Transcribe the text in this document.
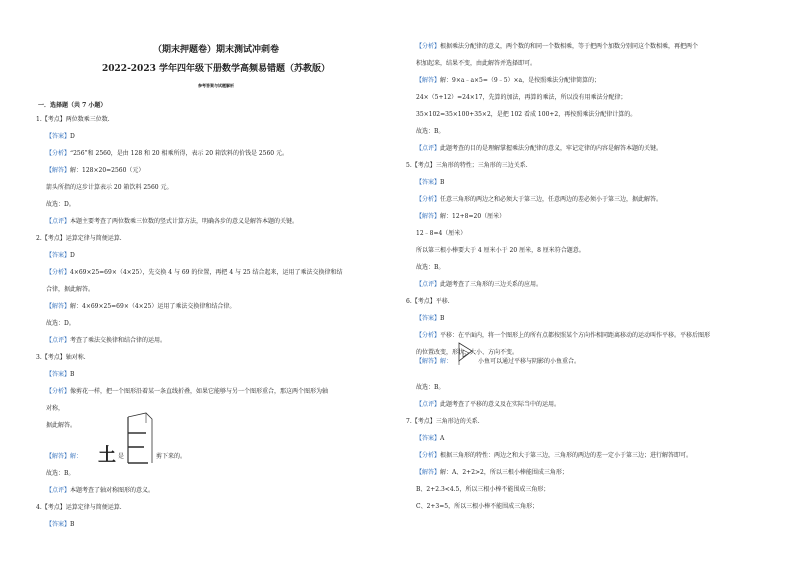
（期末押题卷）期末测试冲刺卷
2022-2023 学年四年级下册数学高频易错题（苏教版）
参考答案与试题解析
一．选择题（共 7 小题）
1.【考点】两位数乘三位数.
【答案】D
【分析】“256”和 2560，是由 128 和 20 相乘所得，表示 20 箱饮料的价钱是 2560 元。
【解答】解：128×20=2560（元）
箭头所指的这步计算表示 20 箱饮料 2560 元。
故选：D。
【点评】本题主要考查了两位数乘三位数的竖式计算方法，明确各步的意义是解答本题的关键。
2.【考点】运算定律与简便运算.
【答案】D
【分析】4×69×25=69×（4×25），先交换 4 与 69 的位置，再把 4 与 25 结合起来，运用了乘法交换律和结
合律，据此解答。
【解答】解：4×69×25=69×（4×25）运用了乘法交换律和结合律。
故选：D。
【点评】考查了乘法交换律和结合律的运用。
3.【考点】轴对称.
【答案】B
【分析】像剪花一样，把一个图形沿着某一条直线折叠，如果它能够与另一个图形重合，那这两个图形为轴
对称，
据此解答。
故选：B。
【点评】本题考查了轴对称图形的意义。
4.【考点】运算定律与简便运算.
【答案】B
【解答】解： 土 是	剪下来的。
【分析】根据乘法分配律的意义，两个数的和同一个数相乘，等于把两个加数分别同这个数相乘，再把两个
积加起来，结果不变，由此解答并选择即可。
【解答】解：9×a﹣a×5=（9﹣5）×a，是按照乘法分配律简算的；
24×（5+12）=24×17，先算的加法，再算的乘法，所以没有用乘法分配律；
35×102=35×100+35×2，是把 102 看成 100+2，再按照乘法分配律计算的。
故选：B。
【点评】此题考查的目的是理解掌握乘法分配律的意义，牢记定律的内容是解答本题的关键。
5.【考点】三角形的特性；三角形的三边关系.
【答案】B
【分析】任意三角形的两边之和必须大于第三边，任意两边的差必须小于第三边，据此解答。
【解答】解：12+8=20（厘米）
12﹣8=4（厘米）
所以第三根小棒要大于 4 厘米小于 20 厘米，8 厘米符合题意。
故选：B。
【点评】此题考查了三角形的三边关系的应用。
6.【考点】平移.
【答案】B
【分析】平移：在平面内，将一个图形上的所有点都按照某个方向作相同距离移动的运动叫作平移。平移后图形
的位置改变，形状、大小、方向不变。
故选：B。
【点评】此题考查了平移的意义及在实际当中的运用。
7.【考点】三角形边的关系.
【答案】A
【分析】根据三角形的特性：两边之和大于第三边，三角形的两边的差一定小于第三边；进行解答即可。
【解答】解：A、2+2>2，所以三根小棒能围成三角形；
B、2+2.3<4.5，所以三根小棒不能围成三角形；
C、2+3=5，所以三根小棒不能围成三角形；
【解答】解：	小鱼可以通过平移与阴影的小鱼重合。
